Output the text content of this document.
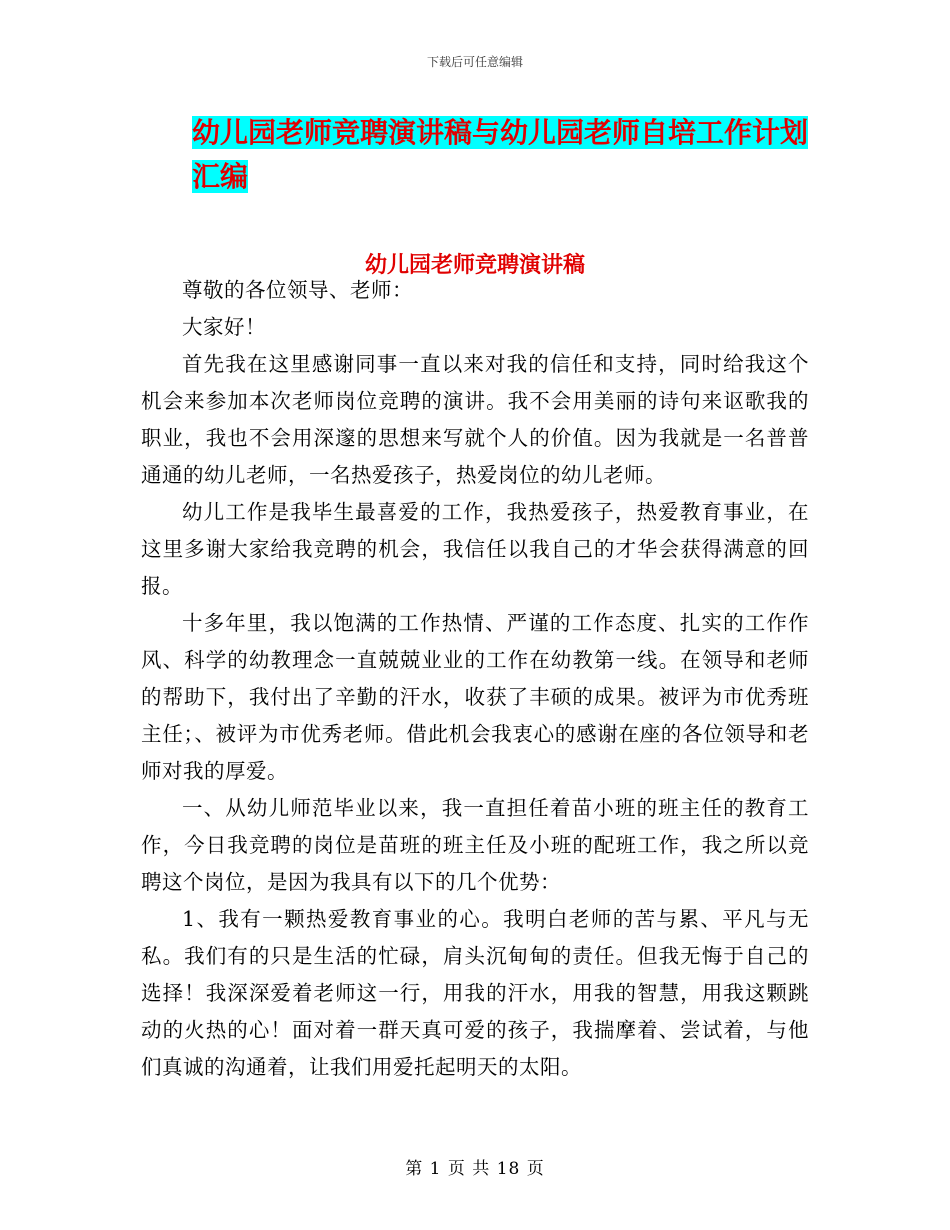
下载后可任意编辑
幼儿园老师竞聘演讲稿与幼儿园老师自培工作计划汇编
幼儿园老师竞聘演讲稿

尊敬的各位领导、老师：

大家好！

首先我在这里感谢同事一直以来对我的信任和支持，同时给我这个机会来参加本次老师岗位竞聘的演讲。我不会用美丽的诗句来讴歌我的职业，我也不会用深邃的思想来写就个人的价值。因为我就是一名普普通通的幼儿老师，一名热爱孩子，热爱岗位的幼儿老师。

幼儿工作是我毕生最喜爱的工作，我热爱孩子，热爱教育事业，在这里多谢大家给我竞聘的机会，我信任以我自己的才华会获得满意的回报。

十多年里，我以饱满的工作热情、严谨的工作态度、扎实的工作作风、科学的幼教理念一直兢兢业业的工作在幼教第一线。在领导和老师的帮助下，我付出了辛勤的汗水，收获了丰硕的成果。被评为市优秀班主任；、被评为市优秀老师。借此机会我衷心的感谢在座的各位领导和老师对我的厚爱。

一、从幼儿师范毕业以来，我一直担任着苗小班的班主任的教育工作，今日我竞聘的岗位是苗班的班主任及小班的配班工作，我之所以竞聘这个岗位，是因为我具有以下的几个优势：

1、我有一颗热爱教育事业的心。我明白老师的苦与累、平凡与无私。我们有的只是生活的忙碌，肩头沉甸甸的责任。但我无悔于自己的选择！我深深爱着老师这一行，用我的汗水，用我的智慧，用我这颗跳动的火热的心！面对着一群天真可爱的孩子，我揣摩着、尝试着，与他们真诚的沟通着，让我们用爱托起明天的太阳。

第 1 页 共 18 页
